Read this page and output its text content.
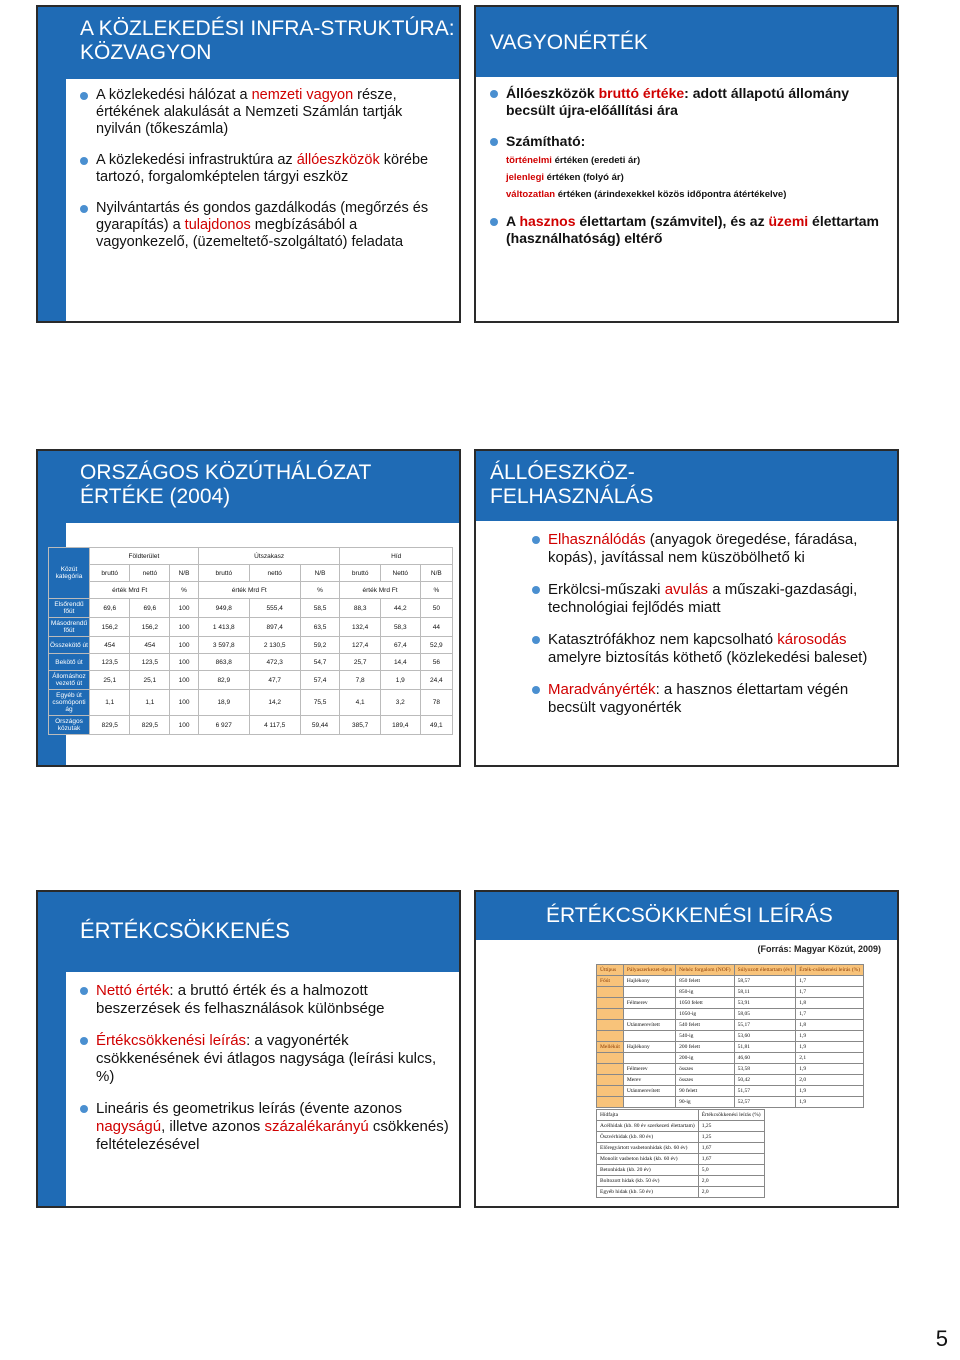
A KÖZLEKEDÉSI INFRA-STRUKTÚRA: KÖZVAGYON
A közlekedési hálózat a nemzeti vagyon része, értékének alakulását a Nemzeti Számlán tartják nyilván (tőkeszámla)
A közlekedési infrastruktúra az állóeszközök körébe tartozó, forgalomképtelen tárgyi eszköz
Nyilvántartás és gondos gazdálkodás (megőrzés és gyarapítás) a tulajdonos megbízásából a vagyonkezelő, (üzemeltető-szolgáltató) feladata
VAGYONÉRTÉK
Állóeszközök bruttó értéke: adott állapotú állomány becsült újra-előállítási ára
Számítható:
történelmi értéken (eredeti ár)
jelenlegi értéken (folyó ár)
változatlan értéken (árindexekkel közös időpontra átértékelve)
A hasznos élettartam (számvitel), és az üzemi élettartam (használhatóság) eltérő
ORSZÁGOS KÖZÚTHÁLÓZAT ÉRTÉKE (2004)
Közút kategória	Földterület			Útszakasz			Híd		
	bruttó	nettó	N/B	bruttó	nettó	N/B	bruttó	Nettó	N/B
	érték Mrd Ft		%	érték Mrd Ft		%	érték Mrd Ft		%
Elsőrendű főút	69,6	69,6	100	949,8	555,4	58,5	88,3	44,2	50
Másodrendű főút	156,2	156,2	100	1 413,8	897,4	63,5	132,4	58,3	44
Összekötő út	454	454	100	3 597,8	2 130,5	59,2	127,4	67,4	52,9
Bekötő út	123,5	123,5	100	863,8	472,3	54,7	25,7	14,4	56
Állomáshoz vezető út	25,1	25,1	100	82,9	47,7	57,4	7,8	1,9	24,4
Egyéb út csomóponti ág	1,1	1,1	100	18,9	14,2	75,5	4,1	3,2	78
Országos közutak	829,5	829,5	100	6 927	4 117,5	59,44	385,7	189,4	49,1
ÁLLÓESZKÖZ-FELHASZNÁLÁS
Elhasználódás (anyagok öregedése, fáradása, kopás), javítással nem küszöbölhető ki
Erkölcsi-műszaki avulás a műszaki-gazdasági, technológiai fejlődés miatt
Katasztrófákhoz nem kapcsolható károsodás amelyre biztosítás köthető (közlekedési baleset)
Maradványérték: a hasznos élettartam végén becsült vagyonérték
ÉRTÉKCSÖKKENÉS
Nettó érték: a bruttó érték és a halmozott beszerzések és felhasználások különbsége
Értékcsökkenési leírás: a vagyonérték csökkenésének évi átlagos nagysága (leírási kulcs, %)
Lineáris és geometrikus leírás (évente azonos nagyságú, illetve azonos százalékarányú csökkenés) feltételezésével
ÉRTÉKCSÖKKENÉSI LEÍRÁS
(Forrás: Magyar Közút, 2009)
Úttípus	Pályaszerkezet-típus	Nehéz forgalom (NOF)	Súlyozott élettartam (év)	Érték-csökkenési leírás (%)
Főút	Hajlékony	850 felett	58,57	1,7
		850-ig	58,11	1,7
	Félmerev	1050 felett	53,91	1,8
		1050-ig	58,05	1,7
	Utánmerevített	540 felett	55,17	1,8
		540-ig	53,60	1,9
Mellékút	Hajlékony	200 felett	51,81	1,9
		200-ig	46,60	2,1
	Félmerev	összes	53,58	1,9
	Merev	összes	50,42	2,0
	Utánmerevített	90 felett	51,57	1,9
		90-ig	52,57	1,9
Hídfajta	Értékcsökkenési leírás (%)
Acélhidak (kb. 80 év szerkezeti élettartam)	1,25
Öszvérhidak (kb. 80 év)	1,25
Előregyártott vasbetonhidak (kb. 60 év)	1,67
Monolit vasbeton hidak (kb. 60 év)	1,67
Betonhidak (kb. 20 év)	5,0
Boltozott hidak (kb. 50 év)	2,0
Egyéb hidak (kb. 50 év)	2,0
5
